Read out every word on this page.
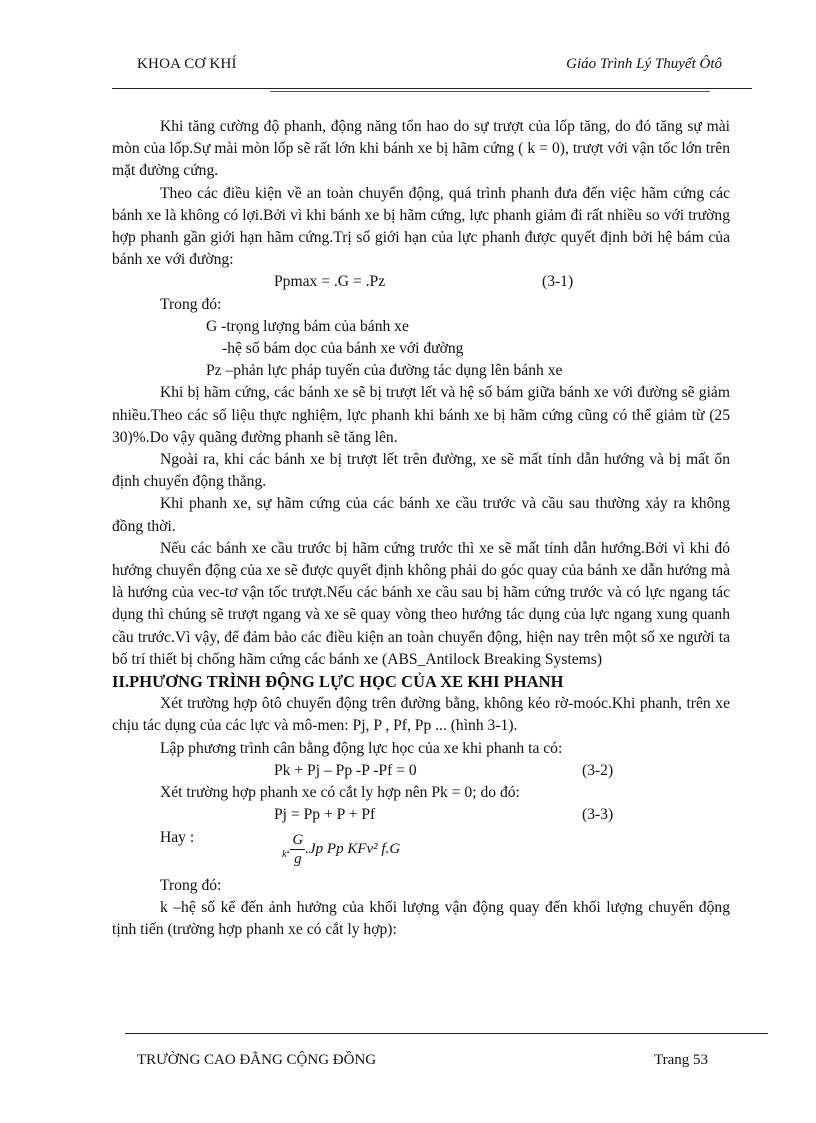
KHOA CƠ KHÍ	Giáo Trình Lý Thuyết Ôtô

Khi tăng cường độ phanh, động năng tổn hao do sự trượt của lốp tăng, do đó tăng sự mài mòn của lốp.Sự mài mòn lốp sẽ rất lớn khi bánh xe bị hãm cứng ( k = 0), trượt với vận tốc lớn trên mặt đường cứng.

Theo các điều kiện về an toàn chuyển động, quá trình phanh đưa đến việc hãm cứng các bánh xe là không có lợi.Bởi vì khi bánh xe bị hãm cứng, lực phanh giảm đi rất nhiều so với trường hợp phanh gần giới hạn hãm cứng.Trị số giới hạn của lực phanh được quyết định bởi hệ bám của bánh xe với đường:

Ppmax = .G = .Pz	(3-1)

Trong đó:

G -trọng lượng bám của bánh xe

-hệ số bám dọc của bánh xe với đường

Pz –phản lực pháp tuyến của đường tác dụng lên bánh xe

Khi bị hãm cứng, các bánh xe sẽ bị trượt lết và hệ số bám giữa bánh xe với đường sẽ giảm nhiều.Theo các số liệu thực nghiệm, lực phanh khi bánh xe bị hãm cứng cũng có thể giảm từ (25 30)%.Do vậy quãng đường phanh sẽ tăng lên.

Ngoài ra, khi các bánh xe bị trượt lết trên đường, xe sẽ mất tính dẫn hướng và bị mất ổn định chuyển động thẳng.

Khi phanh xe, sự hãm cứng của các bánh xe cầu trước và cầu sau thường xảy ra không đồng thời.

Nếu các bánh xe cầu trước bị hãm cứng trước thì xe sẽ mất tính dẫn hướng.Bởi vì khi đó hướng chuyển động của xe sẽ được quyết định không phải do góc quay của bánh xe dẫn hướng mà là hướng của vec-tơ vận tốc trượt.Nếu các bánh xe cầu sau bị hãm cứng trước và có lực ngang tác dụng thì chúng sẽ trượt ngang và xe sẽ quay vòng theo hướng tác dụng của lực ngang xung quanh cầu trước.Vì vậy, để đảm bảo các điều kiện an toàn chuyển động, hiện nay trên một số xe người ta bố trí thiết bị chống hãm cứng các bánh xe (ABS_Antilock Breaking Systems)

II.PHƯƠNG TRÌNH ĐỘNG LỰC HỌC CỦA XE KHI PHANH

Xét trường hợp ôtô chuyển động trên đường bằng, không kéo rờ-moóc.Khi phanh, trên xe chịu tác dụng của các lực và mô-men: Pj, P , Pf, Pp ... (hình 3-1).

Lập phương trình cân bằng động lực học của xe khi phanh ta có:

Pk + Pj – Pp -P -Pf = 0	(3-2)

Xét trường hợp phanh xe có cắt ly hợp nên Pk = 0; do đó:

Pj = Pp + P + Pf	(3-3)

Hay :
$_k$. $\frac{G}{g} .Jp$ Pp KFv² f.G

Trong đó:

k –hệ số kể đến ảnh hưởng của khối lượng vận động quay đến khối lượng chuyển động tịnh tiến (trường hợp phanh xe có cắt ly hợp):

TRƯỜNG CAO ĐẲNG CỘNG ĐỒNG	Trang 53
